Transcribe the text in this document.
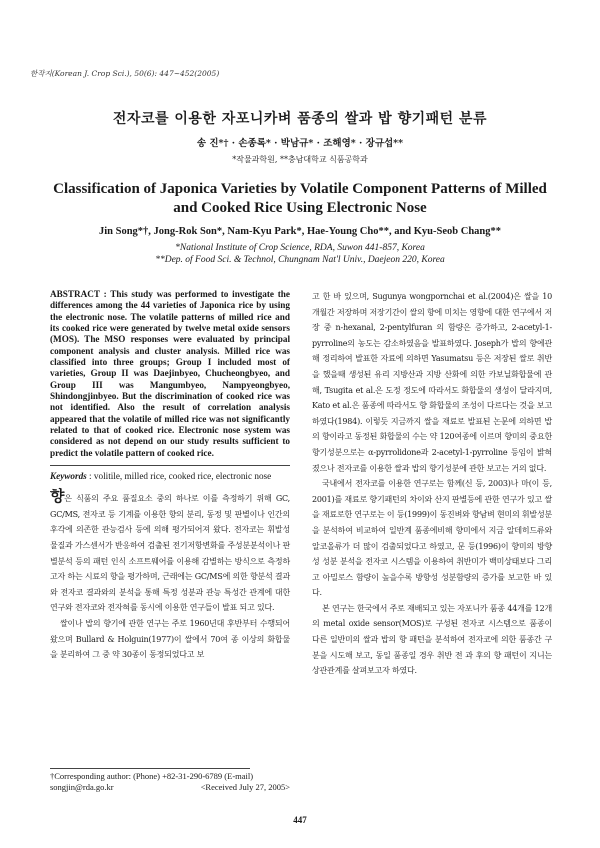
한작지(Korean J. Crop Sci.), 50(6): 447~452(2005)
전자코를 이용한 자포니카벼 품종의 쌀과 밥 향기패턴 분류
송 진*† · 손종록* · 박남규* · 조해영* · 장규섭**
*작물과학원, **충남대학교 식품공학과
Classification of Japonica Varieties by Volatile Component Patterns of Milled and Cooked Rice Using Electronic Nose
Jin Song*†, Jong-Rok Son*, Nam-Kyu Park*, Hae-Young Cho**, and Kyu-Seob Chang**
*National Institute of Crop Science, RDA, Suwon 441-857, Korea
**Dep. of Food Sci. & Technol, Chungnam Nat'l Univ., Daejeon 220, Korea

ABSTRACT : This study was performed to investigate the differences among the 44 varieties of Japonica rice by using the electronic nose. The volatile patterns of milled rice and its cooked rice were generated by twelve metal oxide sensors (MOS). The MSO responses were evaluated by principal component analysis and cluster analysis. Milled rice was classified into three groups; Group I included most of varieties, Group II was Daejinbyeo, Chucheongbyeo, and Group III was Mangumbyeo, Nampyeongbyeo, Shindongjinbyeo. But the discrimination of cooked rice was not identified. Also the result of correlation analysis appeared that the volatile of milled rice was not significantly related to that of cooked rice. Electronic nose system was considered as not depend on our study results sufficient to predict the volatile pattern of cooked rice.

Keywords : volitile, milled rice, cooked rice, electronic nose

향은 식품의 주요 품질요소 중의 하나로 이를 측정하기 위해 GC, GC/MS, 전자코 등 기계를 이용한 향의 분리, 동정 및 판별이나 인간의 후각에 의존한 관능검사 등에 의해 평가되어져 왔다. 전자코는 휘발성 물질과 가스센서가 반응하여 검출된 전기저항변화를 주성분분석이나 판별분석 등의 패턴 인식 소프트웨어를 이용해 감별하는 방식으로 측정하고자 하는 시료의 향을 평가하며, 근래에는 GC/MS에 의한 향분석 결과와 전자코 결과와의 분석을 통해 특정 성분과 관능 특성간 관계에 대한 연구와 전자코와 전자혀를 동시에 이용한 연구들이 발표 되고 있다.

쌀이나 밥의 향기에 관한 연구는 주로 1960년대 후반부터 수행되어 왔으며 Bullard & Holguin(1977)이 쌀에서 70여 종 이상의 화합물을 분리하여 그 중 약 30종이 동정되었다고 보

고 한 바 있으며, Sugunya wongpornchai et al.(2004)은 쌀을 10개월간 저장하며 저장기간이 쌀의 향에 미치는 영향에 대한 연구에서 저장 중 n-hexanal, 2-pentylfuran 의 함량은 증가하고, 2-acetyl-1-pyrroline의 농도는 감소하였음을 발표하였다. Joseph가 밥의 향에관해 정리하여 발표한 자료에 의하면 Yasumatsu 등은 저장된 쌀로 취반을 했을때 생성된 유리 지방산과 지방 산화에 의한 카보닐화합물에 관해, Tsugita et al.은 도정 정도에 따라서도 화합물의 생성이 달라지며, Kato et al.은 품종에 따라서도 향 화합물의 조성이 다르다는 것을 보고하였다(1984). 이렇듯 지금까지 쌀을 재료로 발표된 논문에 의하면 밥의 향이라고 동정된 화합물의 수는 약 120여종에 이르며 향미의 중요한 향기성분으로는 α-pyrrolidone과 2-acetyl-1-pyrroline 등임이 밝혀졌으나 전자코를 이용한 쌀과 밥의 향기성분에 관한 보고는 거의 없다.

국내에서 전자코를 이용한 연구로는 함께(신 등, 2003)나 마(이 등, 2001)를 재료로 향기패턴의 차이와 산지 판별등에 관한 연구가 있고 쌀을 재료로한 연구로는 이 등(1999)이 동진벼와 향남벼 현미의 휘발성분을 분석하여 비교하여 일반계 품종에비해 향미에서 지금 알데히드류와 알코올류가 더 많이 검출되었다고 하였고, 문 등(1996)이 향미의 방향성 성분 분석을 전자코 시스템을 이용하여 취반미가 백미상태보다 그리고 아밀로스 함량이 높을수록 방향성 성분함량의 증가를 보고한 바 있다.

본 연구는 한국에서 주로 재배되고 있는 자포니카 품종 44개를 12개의 metal oxide sensor(MOS)로 구성된 전자코 시스템으로 품종이 다른 일반미의 쌀과 밥의 향 패턴을 분석하여 전자코에 의한 품종간 구분을 시도해 보고, 동일 품종일 경우 취반 전 과 후의 향 패턴이 지니는 상관관계를 살펴보고자 하였다.

†Corresponding author: (Phone) +82-31-290-6789 (E-mail) songjin@rda.go.kr	<Received July 27, 2005>
447
